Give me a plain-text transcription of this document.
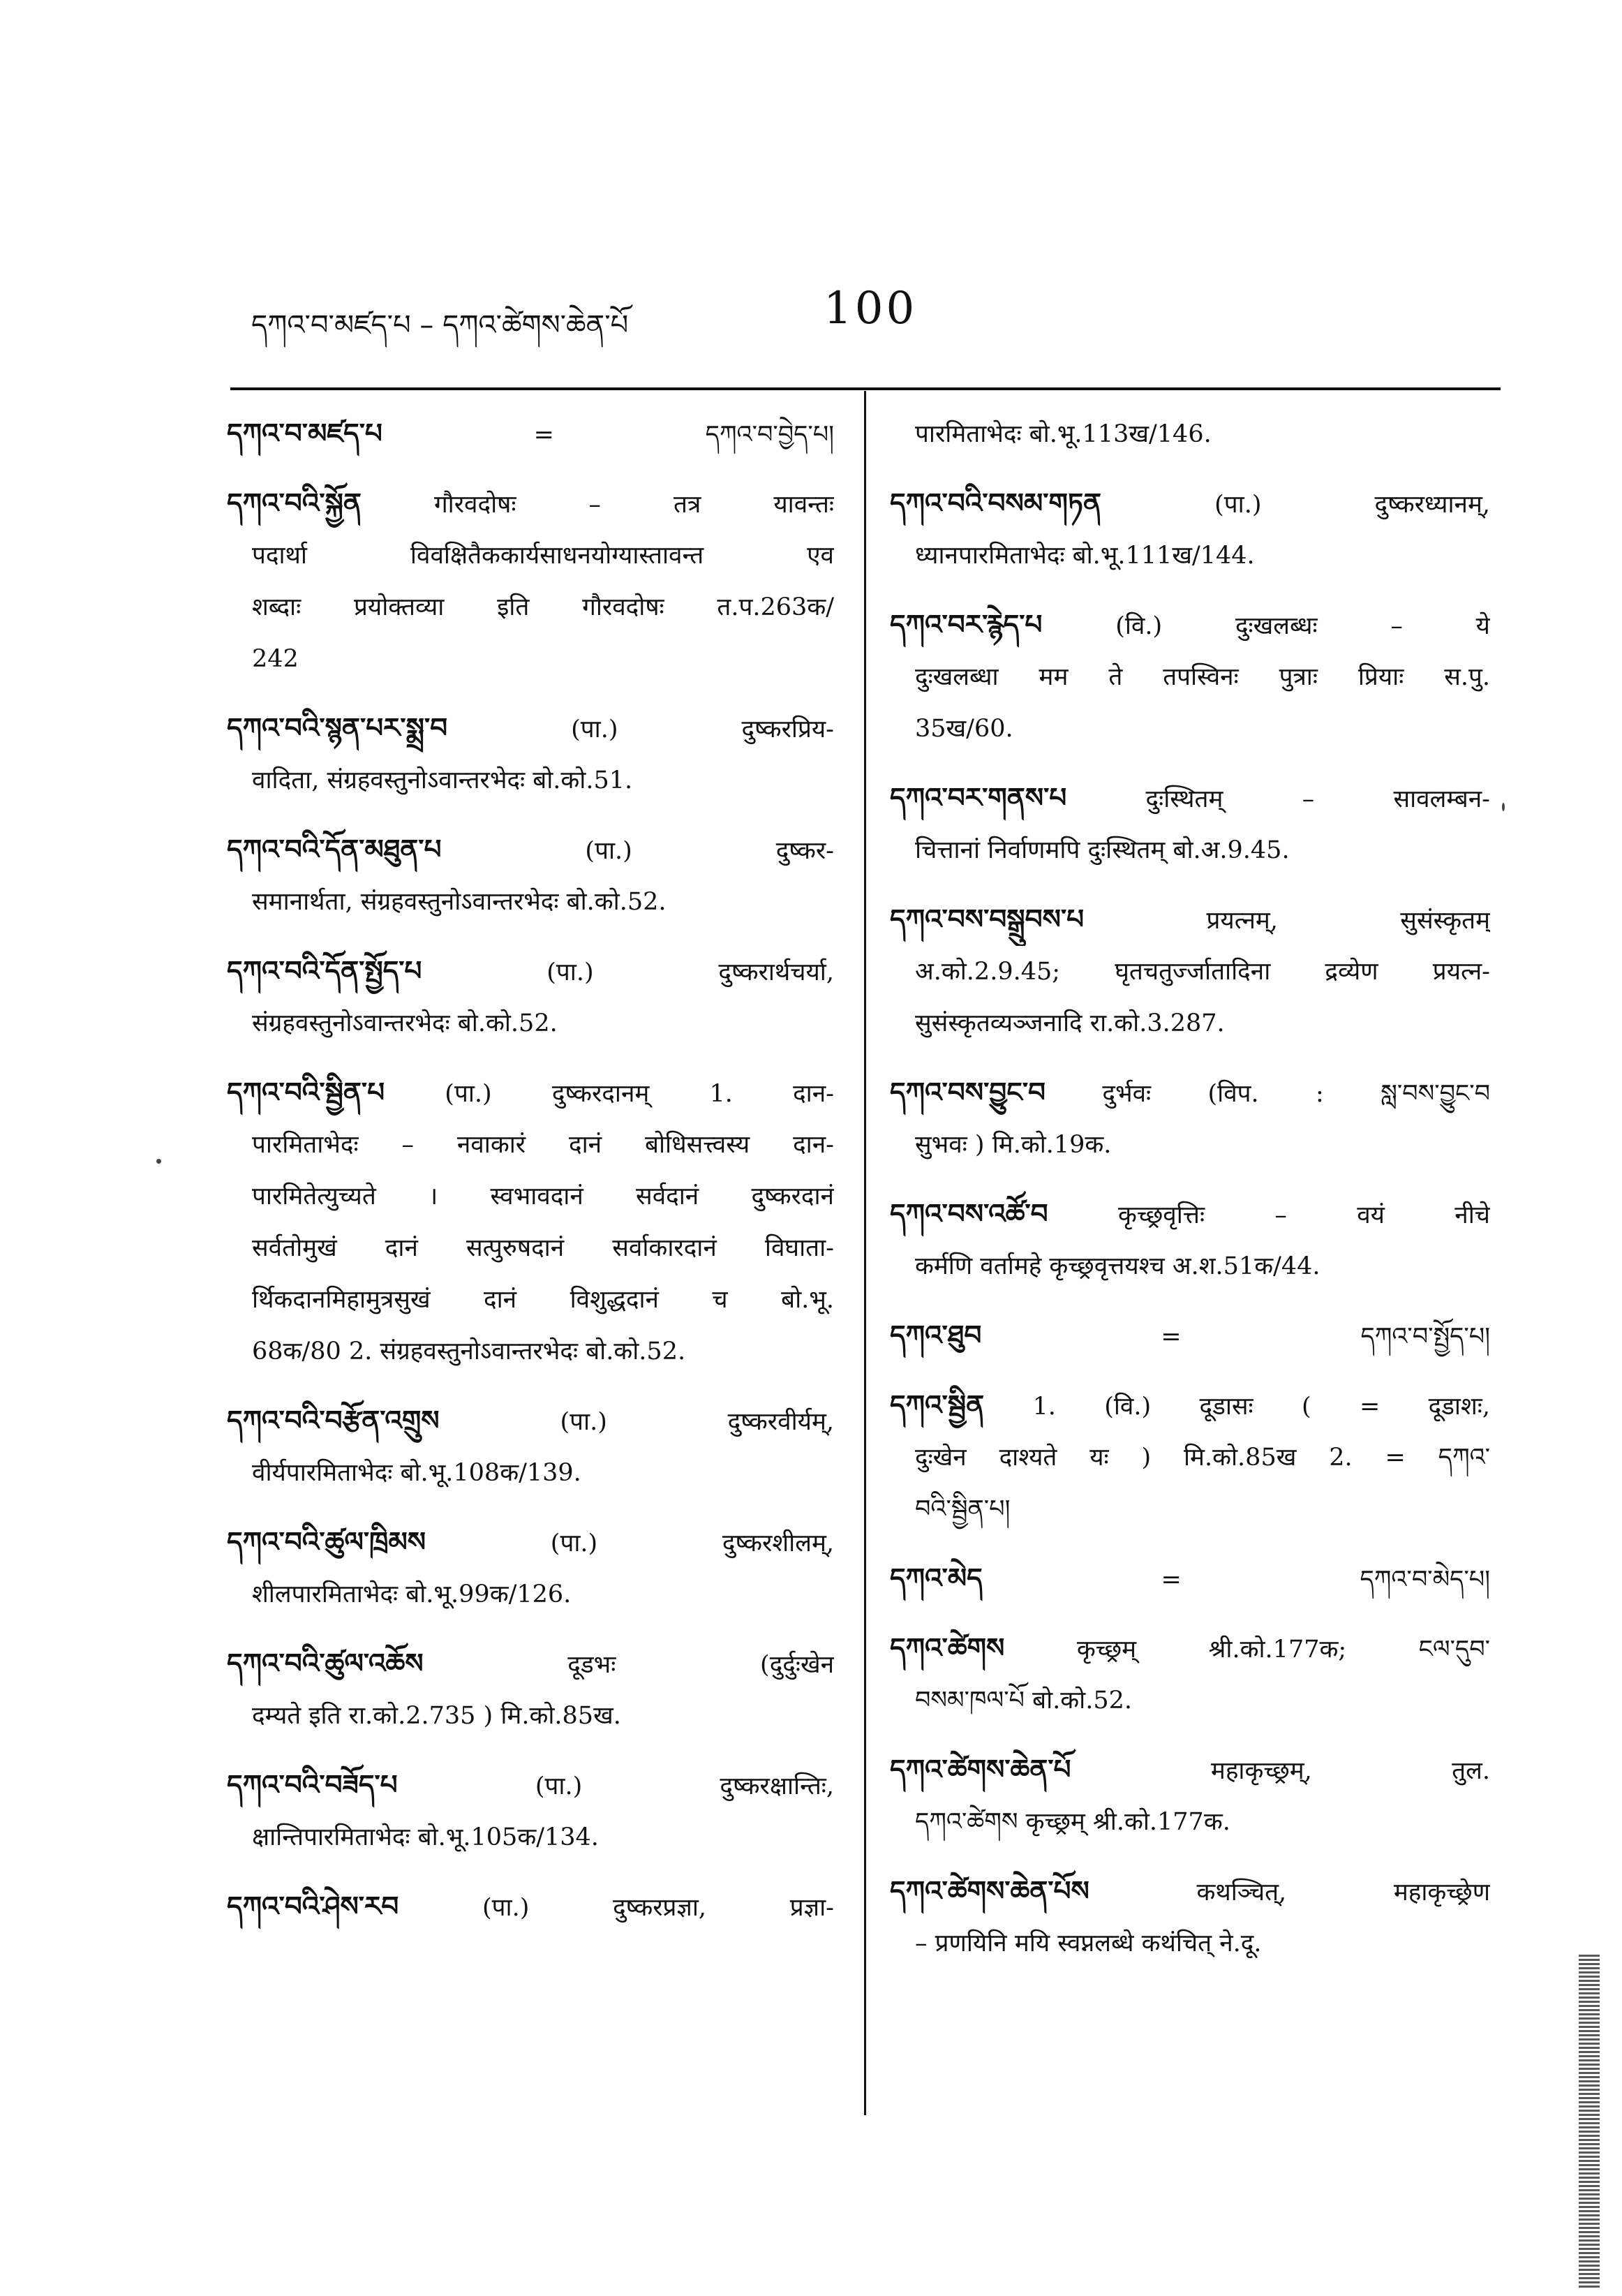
དཀའ་བ་མཛད་པ – དཀའ་ཚེགས་ཆེན་པོ	100
དཀའ་བ་མཛད་པ = དཀའ་བ་བྱེད་པ།
དཀའ་བའི་སྐྱོན गौरवदोषः – तत्र यावन्तः
पदार्था विवक्षितैककार्यसाधनयोग्यास्तावन्त एव
शब्दाः प्रयोक्तव्या इति गौरवदोषः त.प.263क/
242
དཀའ་བའི་སྙན་པར་སྨྲ་བ (पा.) दुष्करप्रिय-
वादिता, संग्रहवस्तुनोऽवान्तरभेदः बो.को.51.
དཀའ་བའི་དོན་མཐུན་པ (पा.) दुष्कर-
समानार्थता, संग्रहवस्तुनोऽवान्तरभेदः बो.को.52.
དཀའ་བའི་དོན་སྤྱོད་པ (पा.) दुष्करार्थचर्या,
संग्रहवस्तुनोऽवान्तरभेदः बो.को.52.
དཀའ་བའི་སྦྱིན་པ (पा.) दुष्करदानम् 1. दान-
पारमिताभेदः – नवाकारं दानं बोधिसत्त्वस्य दान-
पारमितेत्युच्यते । स्वभावदानं सर्वदानं दुष्करदानं
सर्वतोमुखं दानं सत्पुरुषदानं सर्वाकारदानं विघाता-
र्थिकदानमिहामुत्रसुखं दानं विशुद्धदानं च बो.भू.
68क/80 2. संग्रहवस्तुनोऽवान्तरभेदः बो.को.52.
དཀའ་བའི་བརྩོན་འགྲུས (पा.) दुष्करवीर्यम्,
वीर्यपारमिताभेदः बो.भू.108क/139.
དཀའ་བའི་ཚུལ་ཁྲིམས (पा.) दुष्करशीलम्,
शीलपारमिताभेदः बो.भू.99क/126.
དཀའ་བའི་ཚུལ་འཆོས दूडभः (दुर्दुःखेन
दम्यते इति रा.को.2.735 ) मि.को.85ख.
དཀའ་བའི་བཟོད་པ (पा.) दुष्करक्षान्तिः,
क्षान्तिपारमिताभेदः बो.भू.105क/134.
དཀའ་བའི་ཤེས་རབ (पा.) दुष्करप्रज्ञा, प्रज्ञा-
पारमिताभेदः बो.भू.113ख/146.
དཀའ་བའི་བསམ་གཏན (पा.) दुष्करध्यानम्,
ध्यानपारमिताभेदः बो.भू.111ख/144.
དཀའ་བར་རྙེད་པ (वि.) दुःखलब्धः – ये
दुःखलब्धा मम ते तपस्विनः पुत्राः प्रियाः स.पु.
35ख/60.
དཀའ་བར་གནས་པ दुःस्थितम् – सावलम्बन-
चित्तानां निर्वाणमपि दुःस्थितम् बो.अ.9.45.
དཀའ་བས་བསྒྲུབས་པ प्रयत्नम्, सुसंस्कृतम्
अ.को.2.9.45; घृतचतुर्ज्जातादिना द्रव्येण प्रयत्न-
सुसंस्कृतव्यञ्जनादि रा.को.3.287.
དཀའ་བས་བྱུང་བ दुर्भवः (विप. : སླ་བས་བྱུང་བ
सुभवः ) मि.को.19क.
དཀའ་བས་འཚོ་བ कृच्छ्रवृत्तिः – वयं नीचे
कर्मणि वर्तामहे कृच्छ्रवृत्तयश्च अ.श.51क/44.
དཀའ་ཐུབ = དཀའ་བ་སྤྱོད་པ།
དཀའ་སྦྱིན 1. (वि.) दूडासः ( = दूडाशः,
दुःखेन दाश्यते यः ) मि.को.85ख 2. = དཀའ་
བའི་སྦྱིན་པ།
དཀའ་མེད = དཀའ་བ་མེད་པ།
དཀའ་ཚེགས कृच्छ्रम् श्री.को.177क; ངལ་དུབ་
བསམ་ཁལ་པོ बो.को.52.
དཀའ་ཚེགས་ཆེན་པོ महाकृच्छ्रम्, तुल.
དཀའ་ཚེགས कृच्छ्रम् श्री.को.177क.
དཀའ་ཚེགས་ཆེན་པོས कथञ्चित्, महाकृच्छ्रेण
– प्रणयिनि मयि स्वप्नलब्धे कथंचित् ने.दू.
